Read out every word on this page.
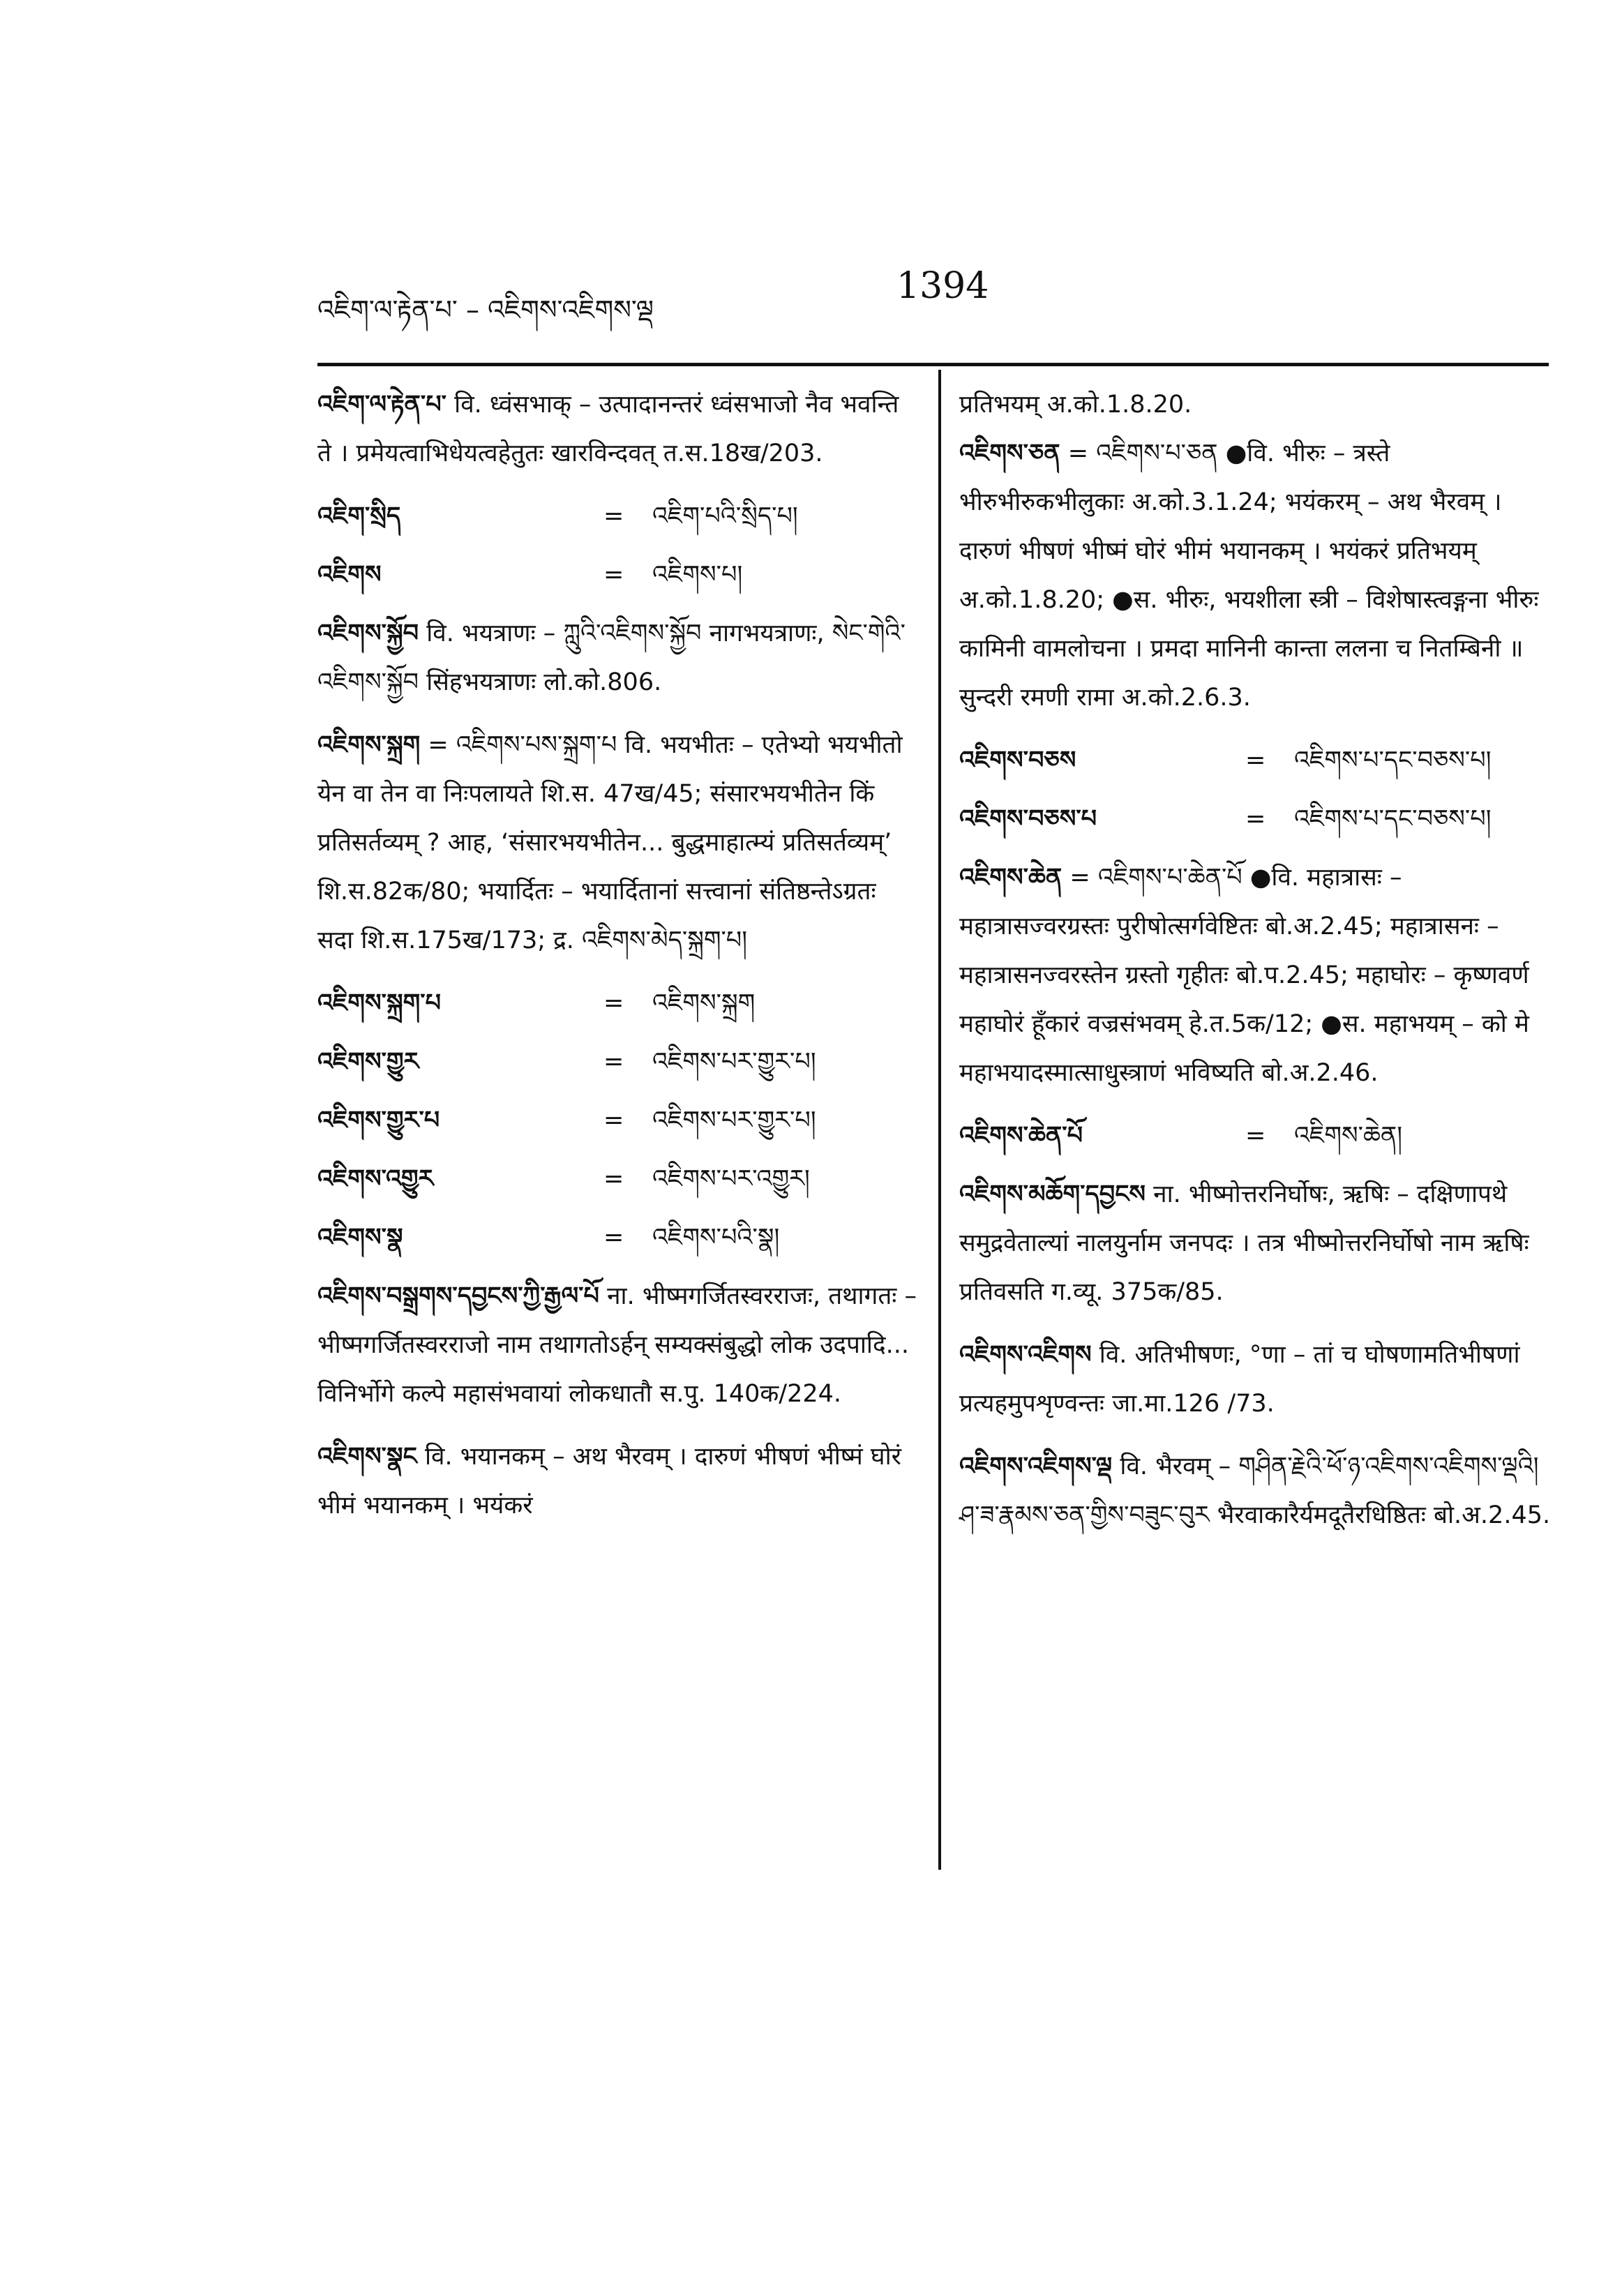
འཇིག་ལ་རྟེན་པ་ – འཇིགས་འཇིགས་ལྡ
1394
འཇིག་ལ་རྟེན་པ་ वि. ध्वंसभाक् – उत्पादानन्तरं ध्वंसभाजो नैव भवन्ति ते । प्रमेयत्वाभिधेयत्वहेतुतः खारविन्दवत् त.स.18ख/203.
འཇིག་སྲིད	= འཇིག་པའི་སྲིད་པ།
འཇིགས	= འཇིགས་པ།
འཇིགས་སྐྱོབ वि. भयत्राणः – ཀླུའི་འཇིགས་སྐྱོབ नागभयत्राणः, སེང་གེའི་འཇིགས་སྐྱོབ सिंहभयत्राणः लो.को.806.
འཇིགས་སྐྲག = འཇིགས་པས་སྐྲག་པ वि. भयभीतः – एतेभ्यो भयभीतो येन वा तेन वा निःपलायते शि.स. 47ख/45; संसारभयभीतेन किं प्रतिसर्तव्यम् ? आह, ‘संसारभयभीतेन... बुद्धमाहात्म्यं प्रतिसर्तव्यम्’ शि.स.82क/80; भयार्दितः – भयार्दितानां सत्त्वानां संतिष्ठन्तेऽग्रतः सदा शि.स.175ख/173; द्र. འཇིགས་མེད་སྐྲག་པ།
འཇིགས་སྐྲག་པ	= འཇིགས་སྐྲག
འཇིགས་གྱུར	= འཇིགས་པར་གྱུར་པ།
འཇིགས་གྱུར་པ	= འཇིགས་པར་གྱུར་པ།
འཇིགས་འགྱུར	= འཇིགས་པར་འགྱུར།
འཇིགས་སྣ	= འཇིགས་པའི་སྣ།
འཇིགས་བསྒྲགས་དབྱངས་ཀྱི་རྒྱལ་པོ ना. भीष्मगर्जितस्वरराजः, तथागतः – भीष्मगर्जितस्वरराजो नाम तथागतोऽर्हन् सम्यक्संबुद्धो लोक उदपादि... विनिर्भोगे कल्पे महासंभवायां लोकधातौ स.पु. 140क/224.
འཇིགས་སྣང वि. भयानकम् – अथ भैरवम् । दारुणं भीषणं भीष्मं घोरं भीमं भयानकम् । भयंकरं
प्रतिभयम् अ.को.1.8.20.
འཇིགས་ཅན = འཇིགས་པ་ཅན ●वि. भीरुः – त्रस्ते भीरुभीरुकभीलुकाः अ.को.3.1.24; भयंकरम् – अथ भैरवम् । दारुणं भीषणं भीष्मं घोरं भीमं भयानकम् । भयंकरं प्रतिभयम् अ.को.1.8.20; ●स. भीरुः, भयशीला स्त्री – विशेषास्त्वङ्गना भीरुः कामिनी वामलोचना । प्रमदा मानिनी कान्ता ललना च नितम्बिनी ॥ सुन्दरी रमणी रामा अ.को.2.6.3.
འཇིགས་བཅས	= འཇིགས་པ་དང་བཅས་པ།
འཇིགས་བཅས་པ	= འཇིགས་པ་དང་བཅས་པ།
འཇིགས་ཆེན = འཇིགས་པ་ཆེན་པོ ●वि. महात्रासः – महात्रासज्वरग्रस्तः पुरीषोत्सर्गवेष्टितः बो.अ.2.45; महात्रासनः – महात्रासनज्वरस्तेन ग्रस्तो गृहीतः बो.प.2.45; महाघोरः – कृष्णवर्ण महाघोरं हूँकारं वज्रसंभवम् हे.त.5क/12; ●स. महाभयम् – को मे महाभयादस्मात्साधुस्त्राणं भविष्यति बो.अ.2.46.
འཇིགས་ཆེན་པོ	= འཇིགས་ཆེན།
འཇིགས་མཆོག་དབྱངས ना. भीष्मोत्तरनिर्घोषः, ऋषिः – दक्षिणापथे समुद्रवेताल्यां नालयुर्नाम जनपदः । तत्र भीष्मोत्तरनिर्घोषो नाम ऋषिः प्रतिवसति ग.व्यू. 375क/85.
འཇིགས་འཇིགས वि. अतिभीषणः, °णा – तां च घोषणामतिभीषणां प्रत्यहमुपशृण्वन्तः जा.मा.126 /73.
འཇིགས་འཇིགས་ལྡ वि. भैरवम् – གཤིན་རྗེའི་ཕོ་ཉ་འཇིགས་འཇིགས་ལྡའི། ཤ་ཟ་རྣམས་ཅན་གྱིས་བཟུང་བུར भैरवाकारैर्यमदूतैरधिष्ठितः बो.अ.2.45.
